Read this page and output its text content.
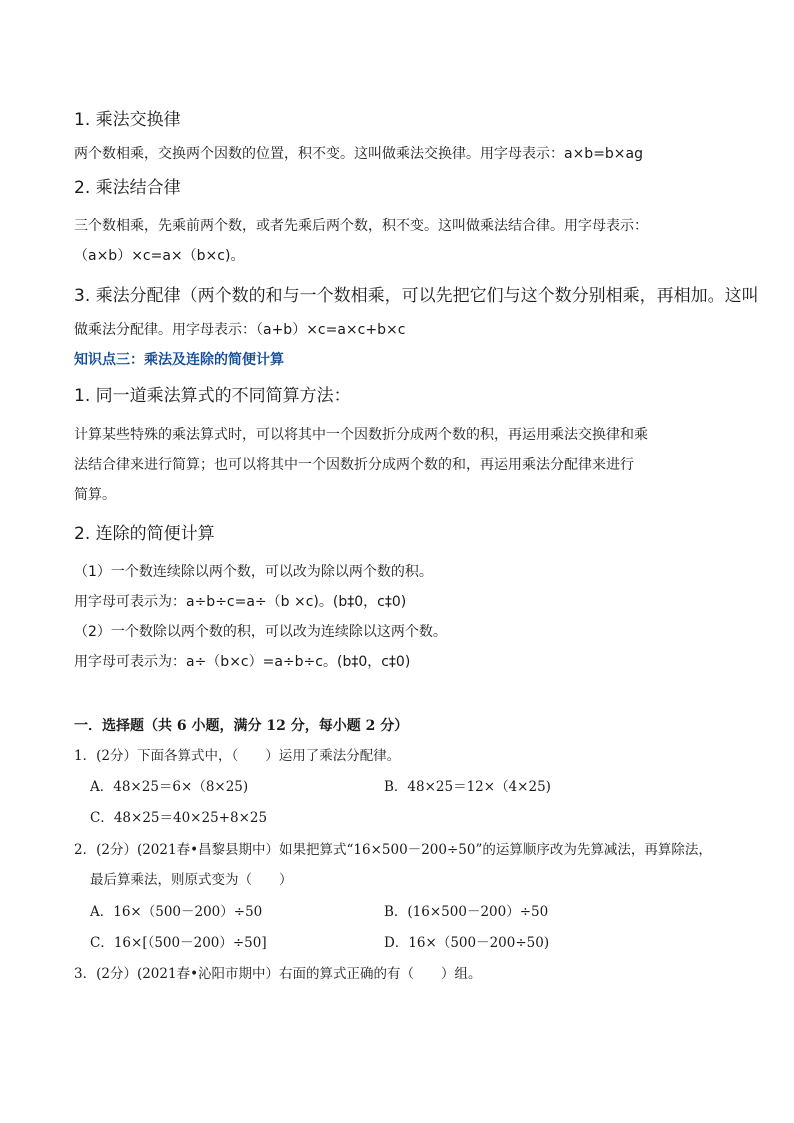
1. 乘法交换律
两个数相乘，交换两个因数的位置，积不变。这叫做乘法交换律。用字母表示：a×b=b×ag
2. 乘法结合律
三个数相乘，先乘前两个数，或者先乘后两个数，积不变。这叫做乘法结合律。用字母表示：
（a×b）×c=a×（b×c)。
3. 乘法分配律（两个数的和与一个数相乘，可以先把它们与这个数分别相乘，再相加。这叫
做乘法分配律。用字母表示：（a+b）×c=a×c+b×c
知识点三：乘法及连除的简便计算
1. 同一道乘法算式的不同简算方法：
计算某些特殊的乘法算式时，可以将其中一个因数折分成两个数的积，再运用乘法交换律和乘
法结合律来进行简算；也可以将其中一个因数折分成两个数的和，再运用乘法分配律来进行
简算。
2. 连除的简便计算
（1）一个数连续除以两个数，可以改为除以两个数的积。
用字母可表示为：a÷b÷c=a÷（b ×c)。(b‡0，c‡0)
（2）一个数除以两个数的积，可以改为连续除以这两个数。
用字母可表示为：a÷（b×c）=a÷b÷c。(b‡0，c‡0)
一．选择题（共 6 小题，满分 12 分，每小题 2 分）
1．(2分）下面各算式中，（　　）运用了乘法分配律。
A．48×25＝6×（8×25)	B．48×25＝12×（4×25)
C．48×25＝40×25+8×25
2．(2分）(2021春•昌黎县期中）如果把算式“16×500－200÷50”的运算顺序改为先算减法，再算除法，
最后算乘法，则原式变为（　　）
A．16×（500－200）÷50	B．(16×500－200）÷50
C．16×[（500－200）÷50]	D．16×（500－200÷50)
3．(2分）(2021春•沁阳市期中）右面的算式正确的有（　　）组。
